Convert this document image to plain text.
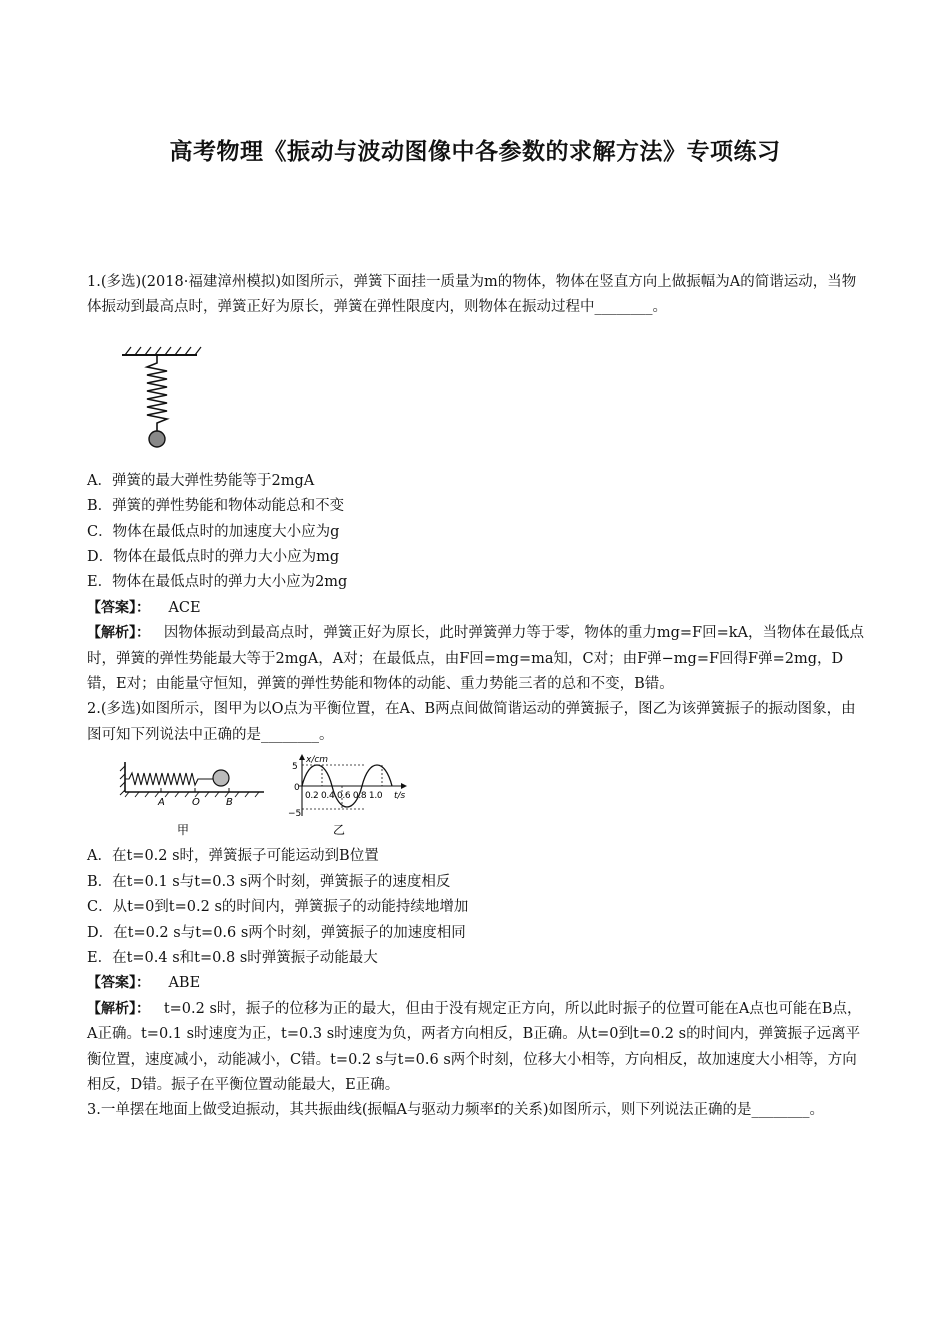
高考物理《振动与波动图像中各参数的求解方法》专项练习

1.(多选)(2018·福建漳州模拟)如图所示，弹簧下面挂一质量为m的物体，物体在竖直方向上做振幅为A的简谐运动，当物体振动到最高点时，弹簧正好为原长，弹簧在弹性限度内，则物体在振动过程中________。

A．弹簧的最大弹性势能等于2mgA

B．弹簧的弹性势能和物体动能总和不变

C．物体在最低点时的加速度大小应为g

D．物体在最低点时的弹力大小应为mg

E．物体在最低点时的弹力大小应为2mg

【答案】： ACE

【解析】： 因物体振动到最高点时，弹簧正好为原长，此时弹簧弹力等于零，物体的重力mg=F回=kA，当物体在最低点时，弹簧的弹性势能最大等于2mgA，A对；在最低点，由F回=mg=ma知，C对；由F弹−mg=F回得F弹=2mg，D错，E对；由能量守恒知，弹簧的弹性势能和物体的动能、重力势能三者的总和不变，B错。

2.(多选)如图所示，图甲为以O点为平衡位置，在A、B两点间做简谐运动的弹簧振子，图乙为该弹簧振子的振动图象，由图可知下列说法中正确的是________。

A	O	B
甲
x/cm
t/s
5
−5
0
0.2 0.4 0.6 0.8 1.0
乙

A．在t=0.2 s时，弹簧振子可能运动到B位置

B．在t=0.1 s与t=0.3 s两个时刻，弹簧振子的速度相反

C．从t=0到t=0.2 s的时间内，弹簧振子的动能持续地增加

D．在t=0.2 s与t=0.6 s两个时刻，弹簧振子的加速度相同

E．在t=0.4 s和t=0.8 s时弹簧振子动能最大

【答案】： ABE

【解析】： t=0.2 s时，振子的位移为正的最大，但由于没有规定正方向，所以此时振子的位置可能在A点也可能在B点，A正确。t=0.1 s时速度为正，t=0.3 s时速度为负，两者方向相反，B正确。从t=0到t=0.2 s的时间内，弹簧振子远离平衡位置，速度减小，动能减小，C错。t=0.2 s与t=0.6 s两个时刻，位移大小相等，方向相反，故加速度大小相等，方向相反，D错。振子在平衡位置动能最大，E正确。

3.一单摆在地面上做受迫振动，其共振曲线(振幅A与驱动力频率f的关系)如图所示，则下列说法正确的是________。
